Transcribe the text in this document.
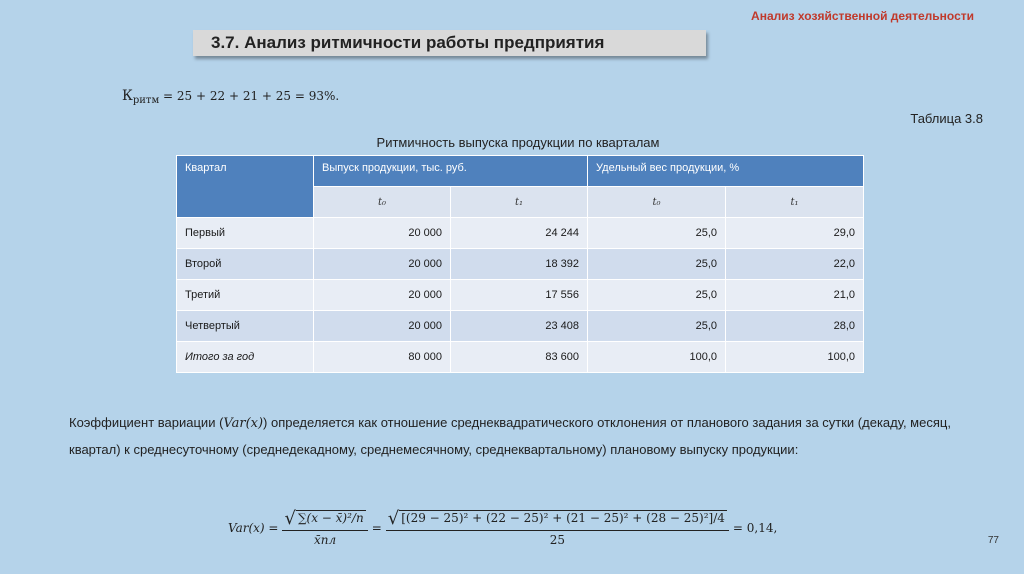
Анализ хозяйственной деятельности
3.7. Анализ ритмичности работы предприятия
$К_{ритм} = 25 + 22 + 21 + 25 = 93\%$.
Таблица 3.8
Ритмичность выпуска продукции по кварталам
Квартал	Выпуск продукции, тыс. руб.		Удельный вес продукции, %	
	t₀	t₁	t₀	t₁
Первый	20 000	24 244	25,0	29,0
Второй	20 000	18 392	25,0	22,0
Третий	20 000	17 556	25,0	21,0
Четвертый	20 000	23 408	25,0	28,0
Итого за год	80 000	83 600	100,0	100,0
Коэффициент вариации (Var(x)) определяется как отношение среднеквадратического отклонения от планового задания за сутки (декаду, месяц, квартал) к среднесуточному (среднедекадному, среднемесячному, среднеквартальному) плановому выпуску продукции:
$Var(x) = \frac{\text{√ ∑(x − x̄)²/n}}{x̄пл} = \frac{\text{√ [(29 − 25)² + (22 − 25)² + (21 − 25)² + (28 − 25)²]/4}}{25} = 0,14$,
77
